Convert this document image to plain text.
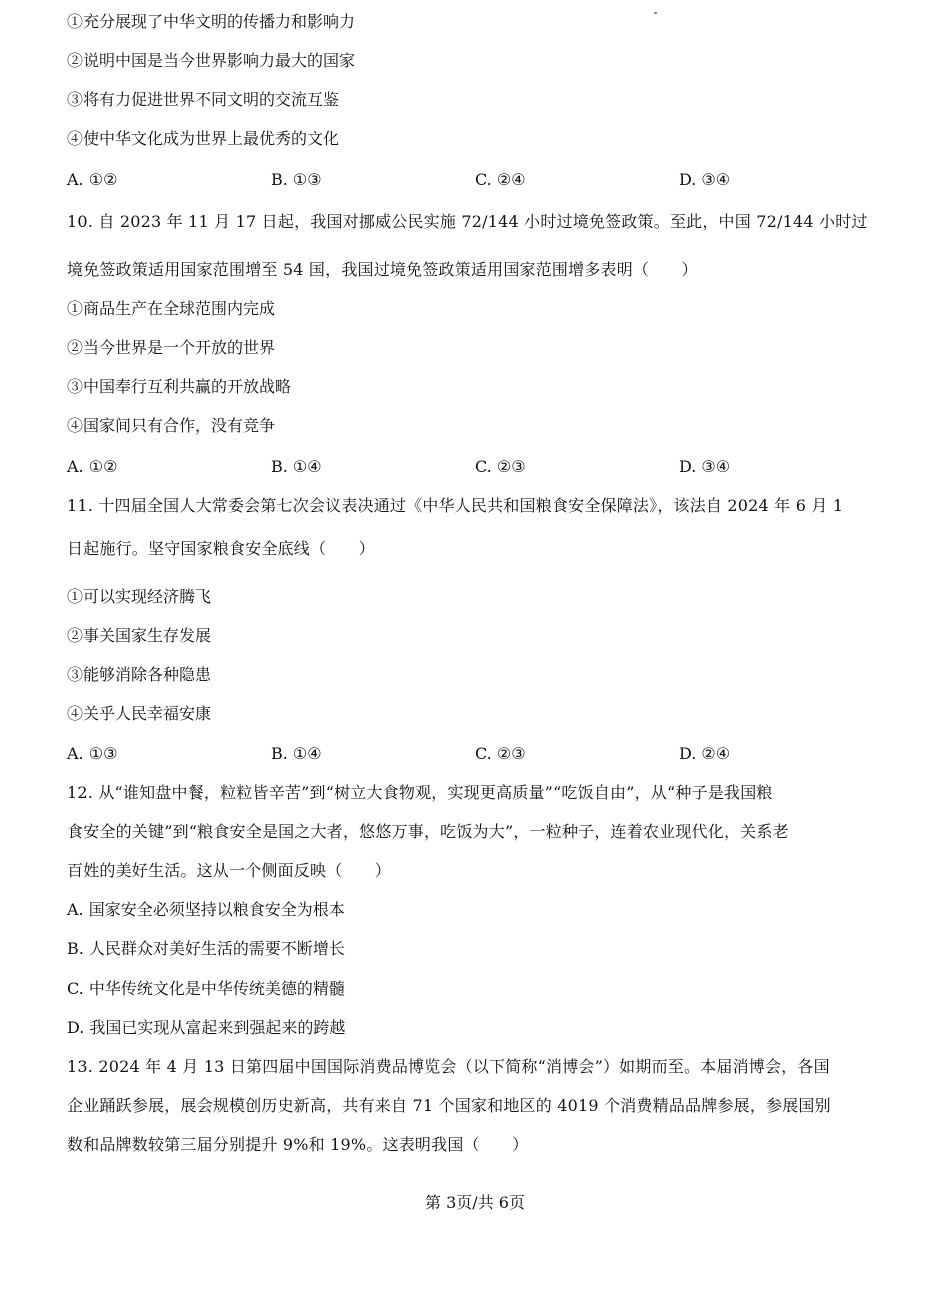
①充分展现了中华文明的传播力和影响力
②说明中国是当今世界影响力最大的国家
③将有力促进世界不同文明的交流互鉴
④使中华文化成为世界上最优秀的文化
A. ①②	B. ①③	C. ②④	D. ③④
10. 自 2023 年 11 月 17 日起，我国对挪威公民实施 72/144 小时过境免签政策。至此，中国 72/144 小时过
境免签政策适用国家范围增至 54 国，我国过境免签政策适用国家范围增多表明（　　）
①商品生产在全球范围内完成
②当今世界是一个开放的世界
③中国奉行互利共赢的开放战略
④国家间只有合作，没有竞争
A. ①②	B. ①④	C. ②③	D. ③④
11. 十四届全国人大常委会第七次会议表决通过《中华人民共和国粮食安全保障法》，该法自 2024 年 6 月 1
日起施行。坚守国家粮食安全底线（　　）
①可以实现经济腾飞
②事关国家生存发展
③能够消除各种隐患
④关乎人民幸福安康
A. ①③	B. ①④	C. ②③	D. ②④
12. 从“谁知盘中餐，粒粒皆辛苦”到“树立大食物观，实现更高质量”“吃饭自由”，从“种子是我国粮
食安全的关键”到“粮食安全是国之大者，悠悠万事，吃饭为大”，一粒种子，连着农业现代化，关系老
百姓的美好生活。这从一个侧面反映（　　）
A. 国家安全必须坚持以粮食安全为根本
B. 人民群众对美好生活的需要不断增长
C. 中华传统文化是中华传统美德的精髓
D. 我国已实现从富起来到强起来的跨越
13. 2024 年 4 月 13 日第四届中国国际消费品博览会（以下简称“消博会”）如期而至。本届消博会，各国
企业踊跃参展，展会规模创历史新高，共有来自 71 个国家和地区的 4019 个消费精品品牌参展，参展国别
数和品牌数较第三届分别提升 9%和 19%。这表明我国（　　）
第 3页/共 6页
